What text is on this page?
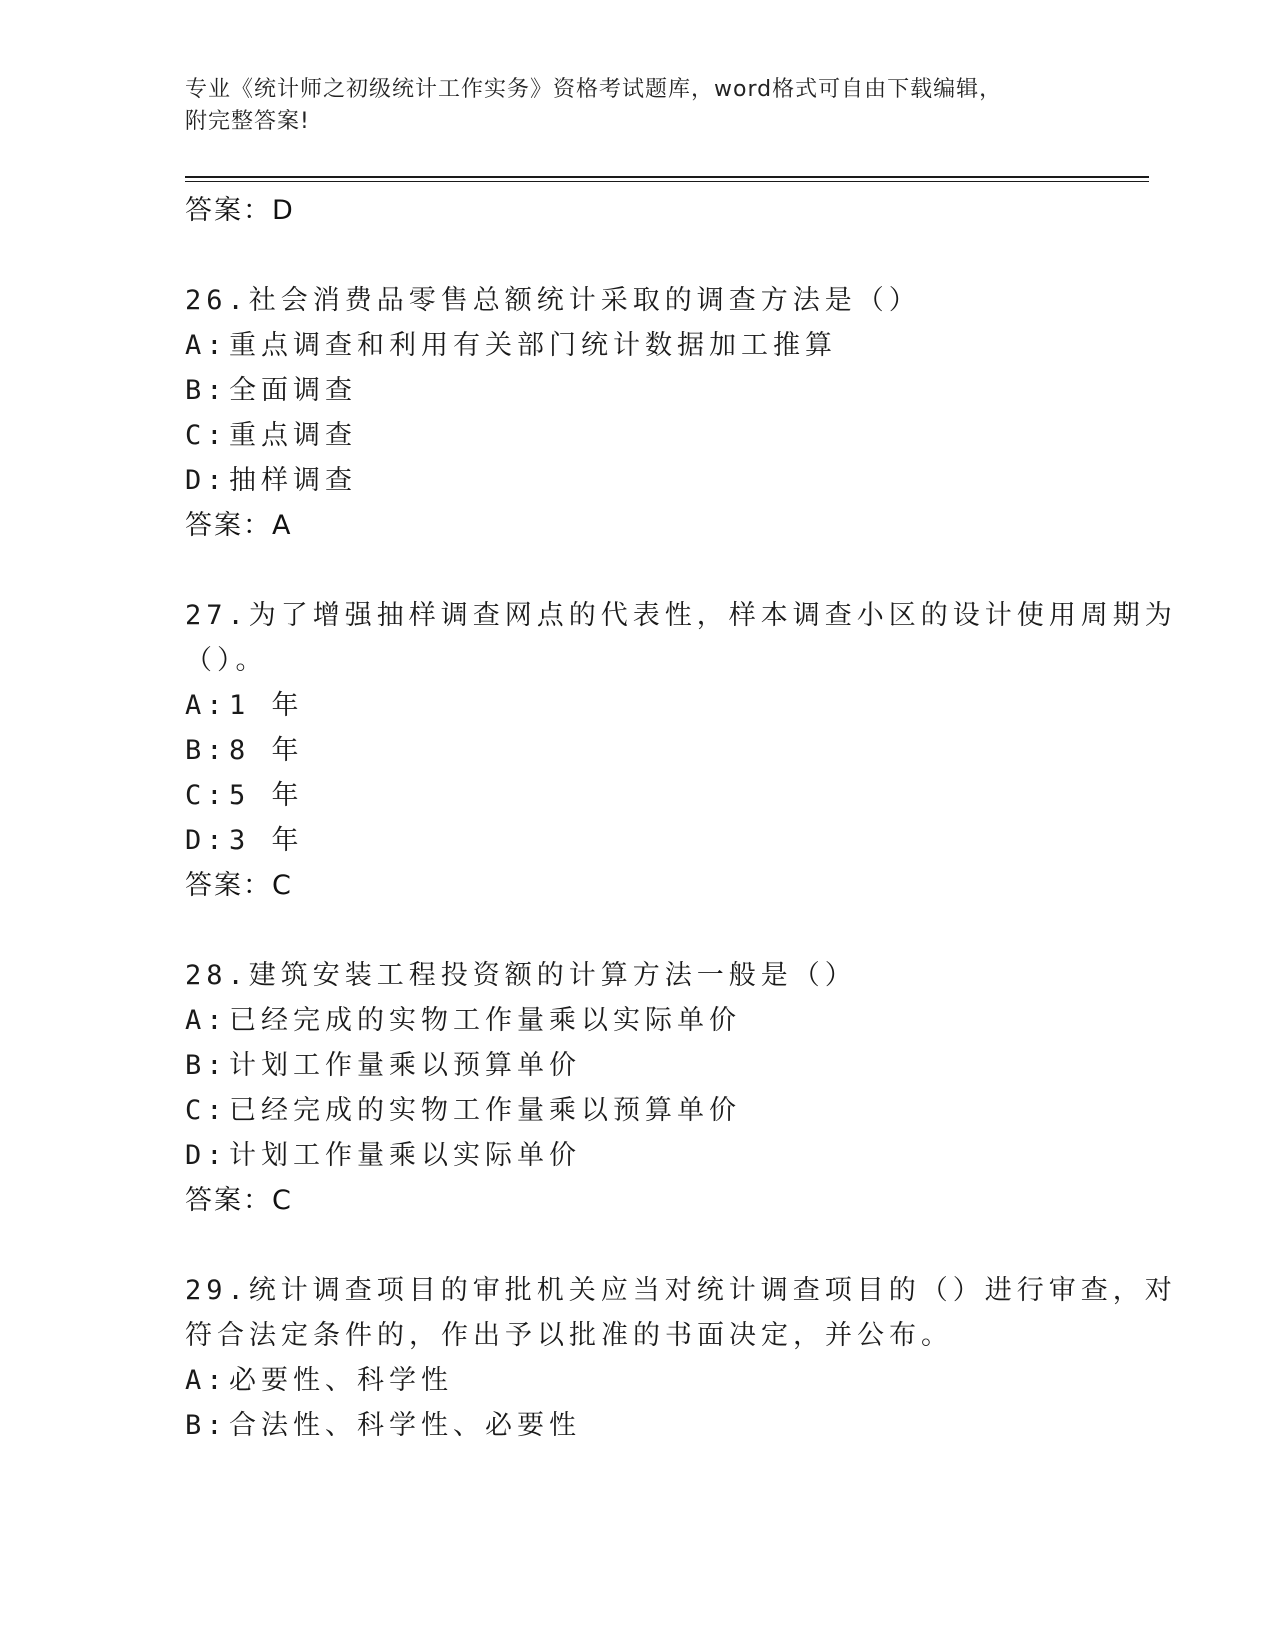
专业《统计师之初级统计工作实务》资格考试题库，word格式可自由下载编辑，
附完整答案!
答案：D
26.社会消费品零售总额统计采取的调查方法是（）
A:重点调查和利用有关部门统计数据加工推算
B:全面调查
C:重点调查
D:抽样调查
答案：A
27.为了增强抽样调查网点的代表性，样本调查小区的设计使用周期为
（）。
A:1 年
B:8 年
C:5 年
D:3 年
答案：C
28.建筑安装工程投资额的计算方法一般是（）
A:已经完成的实物工作量乘以实际单价
B:计划工作量乘以预算单价
C:已经完成的实物工作量乘以预算单价
D:计划工作量乘以实际单价
答案：C
29.统计调查项目的审批机关应当对统计调查项目的（）进行审查，对
符合法定条件的，作出予以批准的书面决定，并公布。
A:必要性、科学性
B:合法性、科学性、必要性
